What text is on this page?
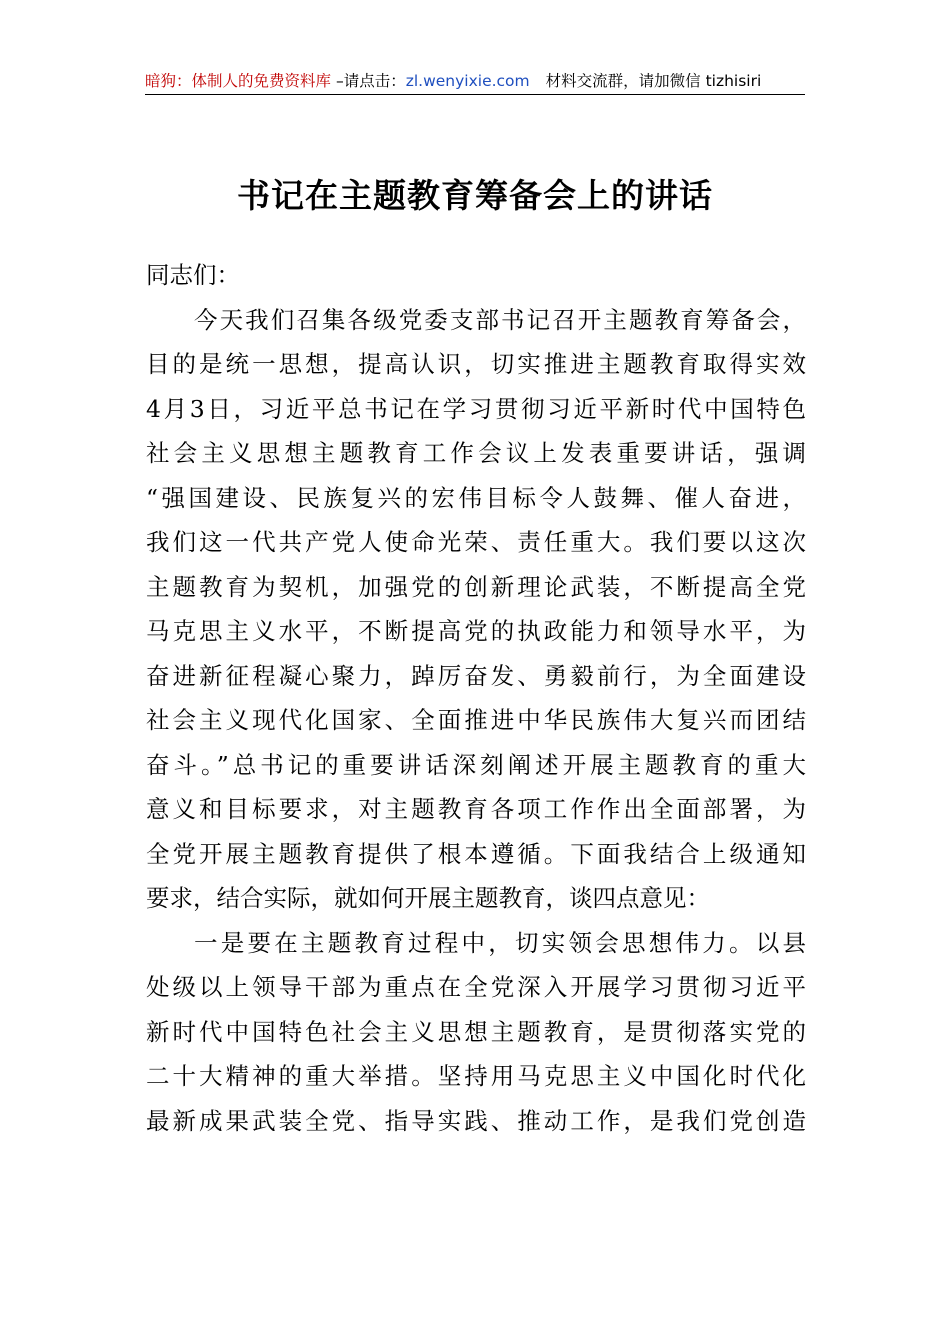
暗狗：体制人的免费资料库 –请点击：zl.wenyixie.com 材料交流群，请加微信 tizhisiri
书记在主题教育筹备会上的讲话
同志们：
今天我们召集各级党委支部书记召开主题教育筹备会，
目的是统一思想，提高认识，切实推进主题教育取得实效
4月3日，习近平总书记在学习贯彻习近平新时代中国特色
社会主义思想主题教育工作会议上发表重要讲话，强调
“强国建设、民族复兴的宏伟目标令人鼓舞、催人奋进，
我们这一代共产党人使命光荣、责任重大。我们要以这次
主题教育为契机，加强党的创新理论武装，不断提高全党
马克思主义水平，不断提高党的执政能力和领导水平，为
奋进新征程凝心聚力，踔厉奋发、勇毅前行，为全面建设
社会主义现代化国家、全面推进中华民族伟大复兴而团结
奋斗。”总书记的重要讲话深刻阐述开展主题教育的重大
意义和目标要求，对主题教育各项工作作出全面部署，为
全党开展主题教育提供了根本遵循。下面我结合上级通知
要求，结合实际，就如何开展主题教育，谈四点意见：
一是要在主题教育过程中，切实领会思想伟力。以县
处级以上领导干部为重点在全党深入开展学习贯彻习近平
新时代中国特色社会主义思想主题教育，是贯彻落实党的
二十大精神的重大举措。坚持用马克思主义中国化时代化
最新成果武装全党、指导实践、推动工作，是我们党创造
